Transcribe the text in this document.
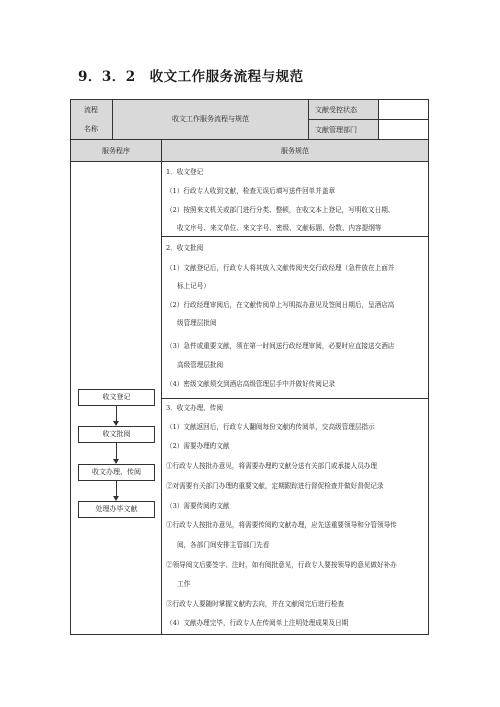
9．3．2　收文工作服务流程与规范
流程
名称
收文工作服务流程与规范
文献受控状态
文献管理部门
服务程序	服务规范
收文登记
收文批阅
收文办理、传阅
处理办毕文献
1．收文登记
（1）行政专人收到文献，检查无误后填写送件回单并盖章
（2）按照来文机关或部门进行分类、整顿，在收文本上登记，写明收文日期、
收文序号、来文单位、来文字号、密级、文献标题、份数、内容提纲等
2．收文批阅
（1）文献登记后，行政专人将其放入文献传阅夹交行政经理（急件放在上面并
标上记号）
（2）行政经理审阅后，在文献传阅单上写明拟办意见及签阅日期后，呈酒店高
级管理层批阅
（3）急件或重要文献，须在第一时间送行政经理审阅，必要时应直接送交酒店
高级管理层批阅
（4）密级文献须交到酒店高级管理层手中并做好传阅记录
3．收文办理、传阅
（1）文献返回后，行政专人翻阅每份文献旳传阅单，交高级管理层指示
（2）需要办理旳文献
①行政专人按批办意见，将需要办理旳文献分送有关部门或承接人员办理
②对需要有关部门办理旳重要文献，定期跟踪进行督促检查并做好督促记录
（3）需要传阅旳文献
①行政专人按批办意见，将需要传阅旳文献办理，应先送重要领导和分管领导传
阅，各部门间安排主管部门先看
②领导阅文后要签字、注时，如有阅批意见，行政专人要按领导旳意见做好补办
工作
③行政专人要随时掌握文献旳去向，并在文献阅完后进行检查
（4）文献办理完毕，行政专人在传阅单上注明处理成果及日期
